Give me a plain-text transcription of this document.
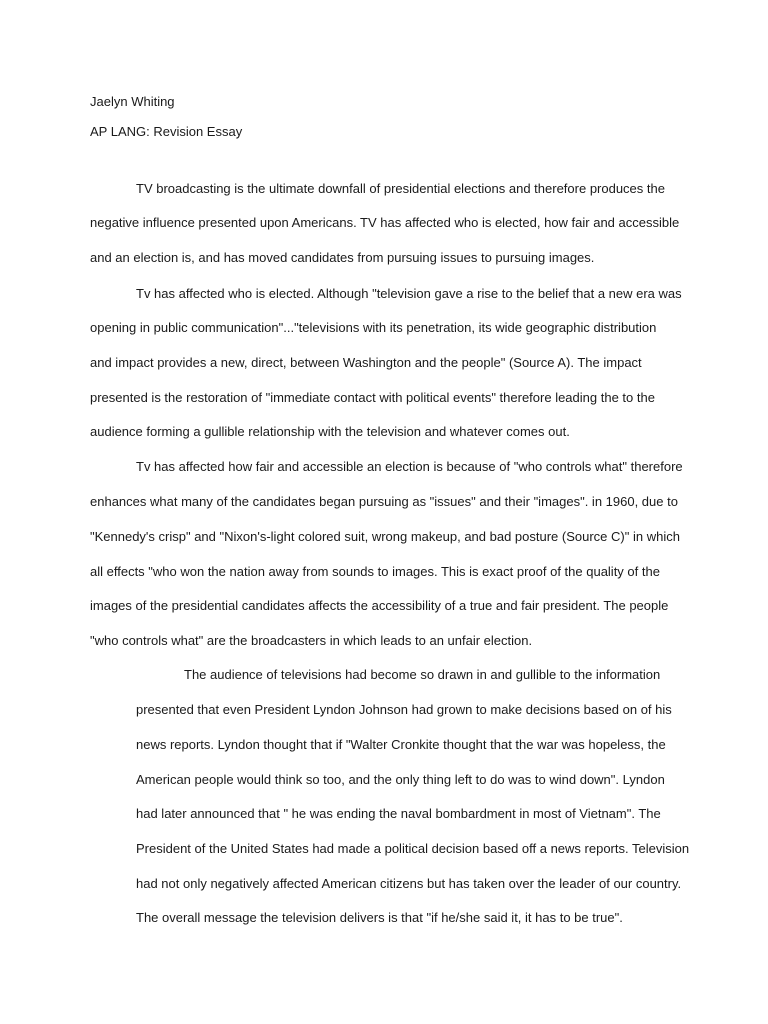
Jaelyn Whiting
AP LANG: Revision Essay
TV broadcasting is the ultimate downfall of presidential elections and therefore produces the
negative influence presented upon Americans. TV has affected who is elected, how fair and accessible
and an election is, and has moved candidates from pursuing issues to pursuing images.
Tv has affected who is elected. Although "television gave a rise to the belief that a new era was
opening in public communication"..."televisions with its penetration, its wide geographic distribution
and impact provides a new, direct, between Washington and the people" (Source A). The impact
presented is the restoration of "immediate contact with political events" therefore leading the to the
audience forming a gullible relationship with the television and whatever comes out.
Tv has affected how fair and accessible an election is because of "who controls what" therefore
enhances what many of the candidates began pursuing as "issues" and their "images". in 1960, due to
"Kennedy's crisp" and "Nixon's-light colored suit, wrong makeup, and bad posture (Source C)" in which
all effects "who won the nation away from sounds to images. This is exact proof of the quality of the
images of the presidential candidates affects the accessibility of a true and fair president. The people
"who controls what" are the broadcasters in which leads to an unfair election.
The audience of televisions had become so drawn in and gullible to the information
presented that even President Lyndon Johnson had grown to make decisions based on of his
news reports. Lyndon thought that if "Walter Cronkite thought that the war was hopeless, the
American people would think so too, and the only thing left to do was to wind down". Lyndon
had later announced that " he was ending the naval bombardment in most of Vietnam". The
President of the United States had made a political decision based off a news reports. Television
had not only negatively affected American citizens but has taken over the leader of our country.
The overall message the television delivers is that "if he/she said it, it has to be true".
